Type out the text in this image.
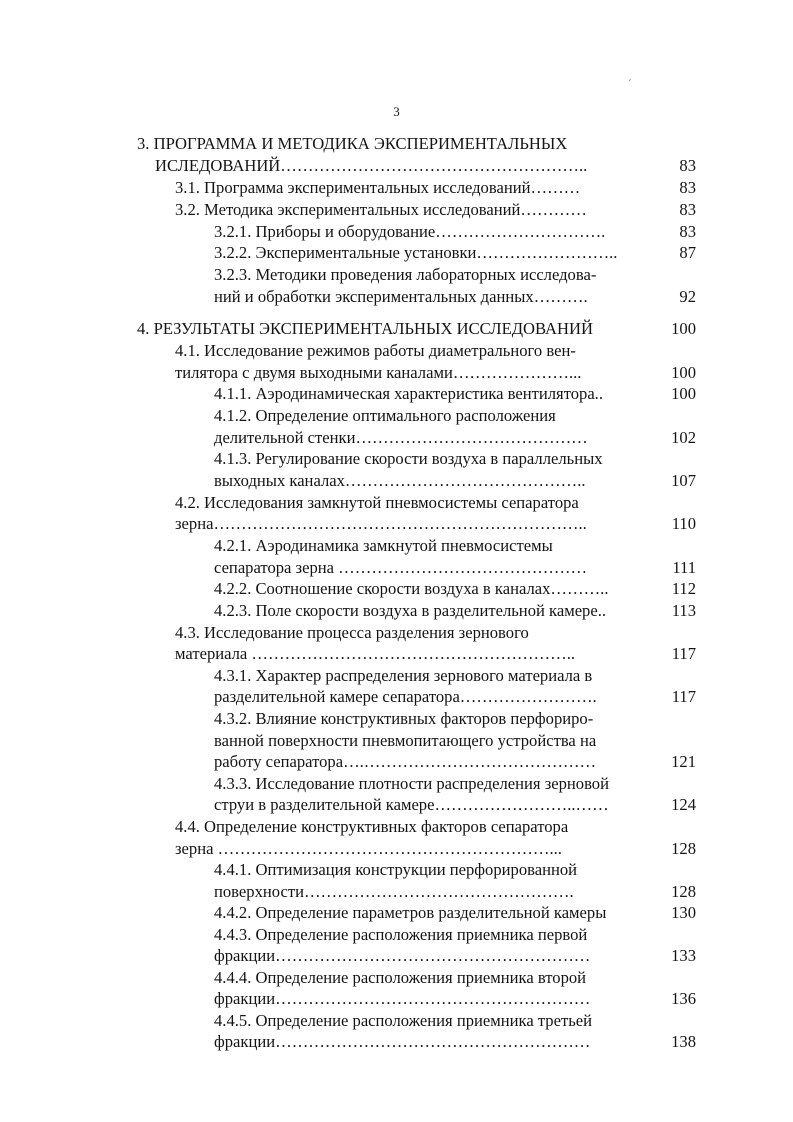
3
´
3. ПРОГРАММА И МЕТОДИКА ЭКСПЕРИМЕНТАЛЬНЫХ
ИСЛЕДОВАНИЙ………………………………………………..	83
3.1. Программа экспериментальных исследований………	83
3.2. Методика экспериментальных исследований…………	83
3.2.1. Приборы и оборудование………………………….	83
3.2.2. Экспериментальные установки……………………..	87
3.2.3. Методики проведения лабораторных исследова-
ний и обработки экспериментальных данных……….	92
4. РЕЗУЛЬТАТЫ ЭКСПЕРИМЕНТАЛЬНЫХ ИССЛЕДОВАНИЙ	100
4.1. Исследование режимов работы диаметрального вен-
тилятора с двумя выходными каналами…………………...	100
4.1.1. Аэродинамическая характеристика вентилятора..	100
4.1.2. Определение оптимального расположения
делительной стенки……………………………………	102
4.1.3. Регулирование скорости воздуха в параллельных
выходных каналах……………………………………..	107
4.2. Исследования замкнутой пневмосистемы сепаратора
зерна…………………………………………………………..	110
4.2.1. Аэродинамика замкнутой пневмосистемы
сепаратора зерна ………………………………………	111
4.2.2. Соотношение скорости воздуха в каналах………..	112
4.2.3. Поле скорости воздуха в разделительной камере..	113
4.3. Исследование процесса разделения зернового
материала …………………………………………………..	117
4.3.1. Характер распределения зернового материала в
разделительной камере сепаратора…………………….	117
4.3.2. Влияние конструктивных факторов перфориро-
ванной поверхности пневмопитающего устройства на
работу сепаратора….……………………………………	121
4.3.3. Исследование плотности распределения зерновой
струи в разделительной камере……………………..……	124
4.4. Определение конструктивных факторов сепаратора
зерна ……………………………………………………...	128
4.4.1. Оптимизация конструкции перфорированной
поверхности………………………………………….	128
4.4.2. Определение параметров разделительной камеры	130
4.4.3. Определение расположения приемника первой
фракции…………………………………………………	133
4.4.4. Определение расположения приемника второй
фракции…………………………………………………	136
4.4.5. Определение расположения приемника третьей
фракции…………………………………………………	138
